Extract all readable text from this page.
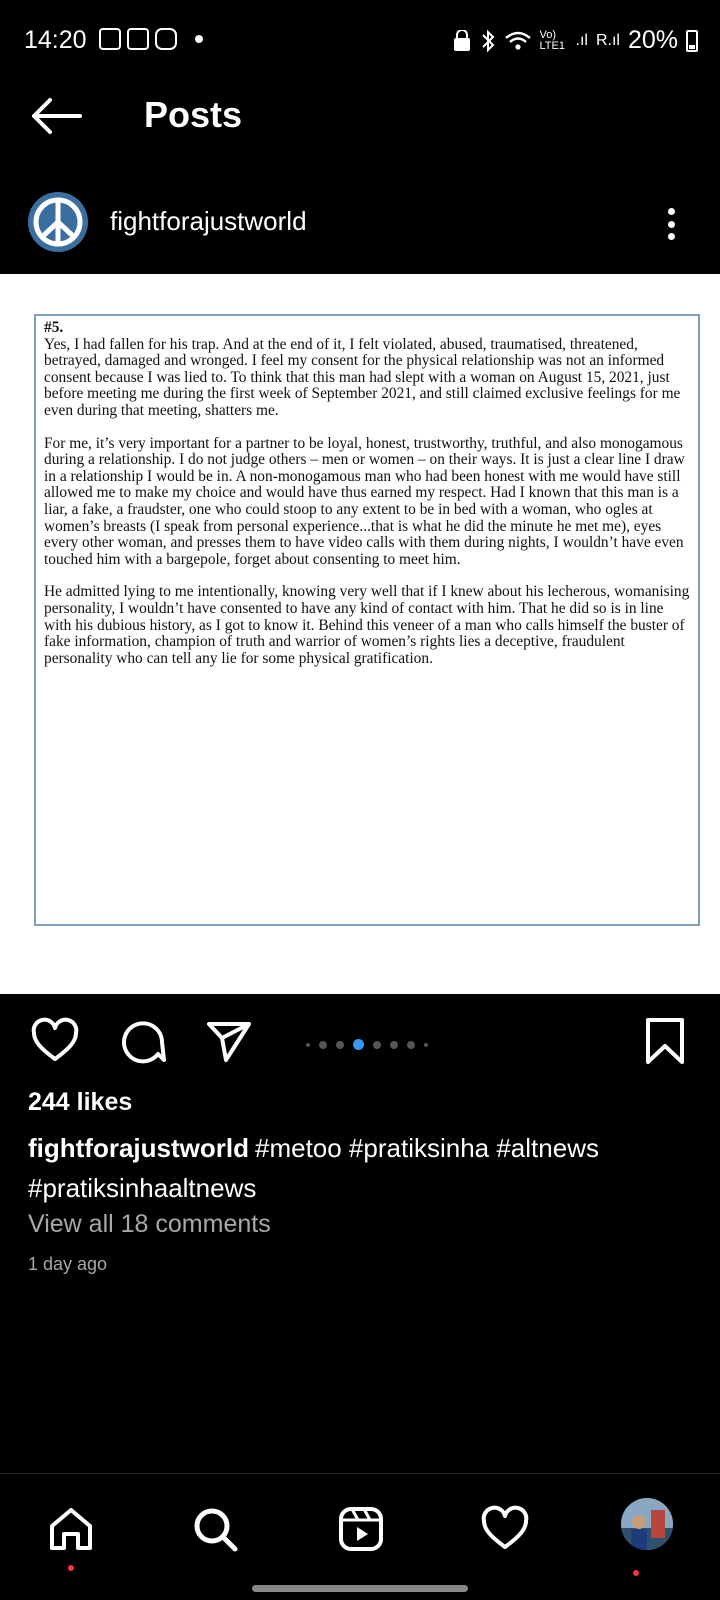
14:20	Vo) LTE1 .ıl R.ıl 20%
Posts
fightforajustworld
#5.

Yes, I had fallen for his trap. And at the end of it, I felt violated, abused, traumatised, threatened, betrayed, damaged and wronged. I feel my consent for the physical relationship was not an informed consent because I was lied to. To think that this man had slept with a woman on August 15, 2021, just before meeting me during the first week of September 2021, and still claimed exclusive feelings for me even during that meeting, shatters me.

For me, it’s very important for a partner to be loyal, honest, trustworthy, truthful, and also monogamous during a relationship. I do not judge others – men or women – on their ways. It is just a clear line I draw in a relationship I would be in. A non-monogamous man who had been honest with me would have still allowed me to make my choice and would have thus earned my respect. Had I known that this man is a liar, a fake, a fraudster, one who could stoop to any extent to be in bed with a woman, who ogles at women’s breasts (I speak from personal experience...that is what he did the minute he met me), eyes every other woman, and presses them to have video calls with them during nights, I wouldn’t have even touched him with a bargepole, forget about consenting to meet him.

He admitted lying to me intentionally, knowing very well that if I knew about his lecherous, womanising personality, I wouldn’t have consented to have any kind of contact with him. That he did so is in line with his dubious history, as I got to know it. Behind this veneer of a man who calls himself the buster of fake information, champion of truth and warrior of women’s rights lies a deceptive, fraudulent personality who can tell any lie for some physical gratification.

244 likes
fightforajustworld #metoo #pratiksinha #altnews #pratiksinhaaltnews
View all 18 comments
1 day ago
